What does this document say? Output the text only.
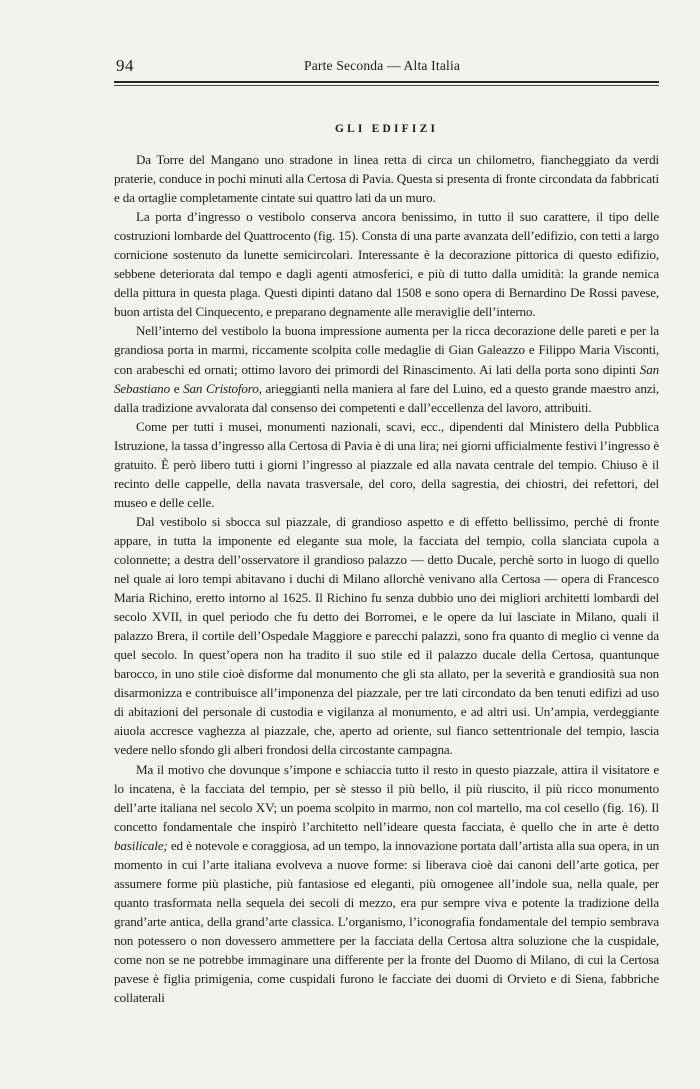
94	Parte Seconda — Alta Italia
GLI EDIFIZI

Da Torre del Mangano uno stradone in linea retta di circa un chilometro, fiancheggiato da verdi praterie, conduce in pochi minuti alla Certosa di Pavia. Questa si presenta di fronte circondata da fabbricati e da ortaglie completamente cintate sui quattro lati da un muro.

La porta d’ingresso o vestibolo conserva ancora benissimo, in tutto il suo carattere, il tipo delle costruzioni lombarde del Quattrocento (fig. 15). Consta di una parte avanzata dell’edifizio, con tetti a largo cornicione sostenuto da lunette semicircolari. Interessante è la decorazione pittorica di questo edifizio, sebbene deteriorata dal tempo e dagli agenti atmosferici, e più di tutto dalla umidità: la grande nemica della pittura in questa plaga. Questi dipinti datano dal 1508 e sono opera di Bernardino De Rossi pavese, buon artista del Cinquecento, e preparano degnamente alle meraviglie dell’interno.

Nell’interno del vestibolo la buona impressione aumenta per la ricca decorazione delle pareti e per la grandiosa porta in marmi, riccamente scolpita colle medaglie di Gian Galeazzo e Filippo Maria Visconti, con arabeschi ed ornati; ottimo lavoro dei primordi del Rinascimento. Ai lati della porta sono dipinti San Sebastiano e San Cristoforo, arieggianti nella maniera al fare del Luino, ed a questo grande maestro anzi, dalla tradizione avvalorata dal consenso dei competenti e dall’eccellenza del lavoro, attribuiti.

Come per tutti i musei, monumenti nazionali, scavi, ecc., dipendenti dal Ministero della Pubblica Istruzione, la tassa d’ingresso alla Certosa di Pavia è di una lira; nei giorni ufficialmente festivi l’ingresso è gratuito. È però libero tutti i giorni l’ingresso al piazzale ed alla navata centrale del tempio. Chiuso è il recinto delle cappelle, della navata trasversale, del coro, della sagrestia, dei chiostri, dei refettori, del museo e delle celle.

Dal vestibolo si sbocca sul piazzale, di grandioso aspetto e di effetto bellissimo, perchè di fronte appare, in tutta la imponente ed elegante sua mole, la facciata del tempio, colla slanciata cupola a colonnette; a destra dell’osservatore il grandioso palazzo — detto Ducale, perchè sorto in luogo di quello nel quale ai loro tempi abitavano i duchi di Milano allorchè venivano alla Certosa — opera di Francesco Maria Richino, eretto intorno al 1625. Il Richino fu senza dubbio uno dei migliori architetti lombardi del secolo XVII, in quel periodo che fu detto dei Borromei, e le opere da lui lasciate in Milano, quali il palazzo Brera, il cortile dell’Ospedale Maggiore e parecchi palazzi, sono fra quanto di meglio ci venne da quel secolo. In quest’opera non ha tradito il suo stile ed il palazzo ducale della Certosa, quantunque barocco, in uno stile cioè disforme dal monumento che gli sta allato, per la severità e grandiosità sua non disarmonizza e contribuisce all’imponenza del piazzale, per tre lati circondato da ben tenuti edifizi ad uso di abitazioni del personale di custodia e vigilanza al monumento, e ad altri usi. Un’ampia, verdeggiante aiuola accresce vaghezza al piazzale, che, aperto ad oriente, sul fianco settentrionale del tempio, lascia vedere nello sfondo gli alberi frondosi della circostante campagna.

Ma il motivo che dovunque s’impone e schiaccia tutto il resto in questo piazzale, attira il visitatore e lo incatena, è la facciata del tempio, per sè stesso il più bello, il più riuscito, il più ricco monumento dell’arte italiana nel secolo XV; un poema scolpito in marmo, non col martello, ma col cesello (fig. 16). Il concetto fondamentale che inspirò l’architetto nell’ideare questa facciata, è quello che in arte è detto basilicale; ed è notevole e coraggiosa, ad un tempo, la innovazione portata dall’artista alla sua opera, in un momento in cui l’arte italiana evolveva a nuove forme: si liberava cioè dai canoni dell’arte gotica, per assumere forme più plastiche, più fantasiose ed eleganti, più omogenee all’indole sua, nella quale, per quanto trasformata nella sequela dei secoli di mezzo, era pur sempre viva e potente la tradizione della grand’arte antica, della grand’arte classica. L’organismo, l’iconografia fondamentale del tempio sembrava non potessero o non dovessero ammettere per la facciata della Certosa altra soluzione che la cuspidale, come non se ne potrebbe immaginare una differente per la fronte del Duomo di Milano, di cui la Certosa pavese è figlia primigenia, come cuspidali furono le facciate dei duomi di Orvieto e di Siena, fabbriche collaterali
